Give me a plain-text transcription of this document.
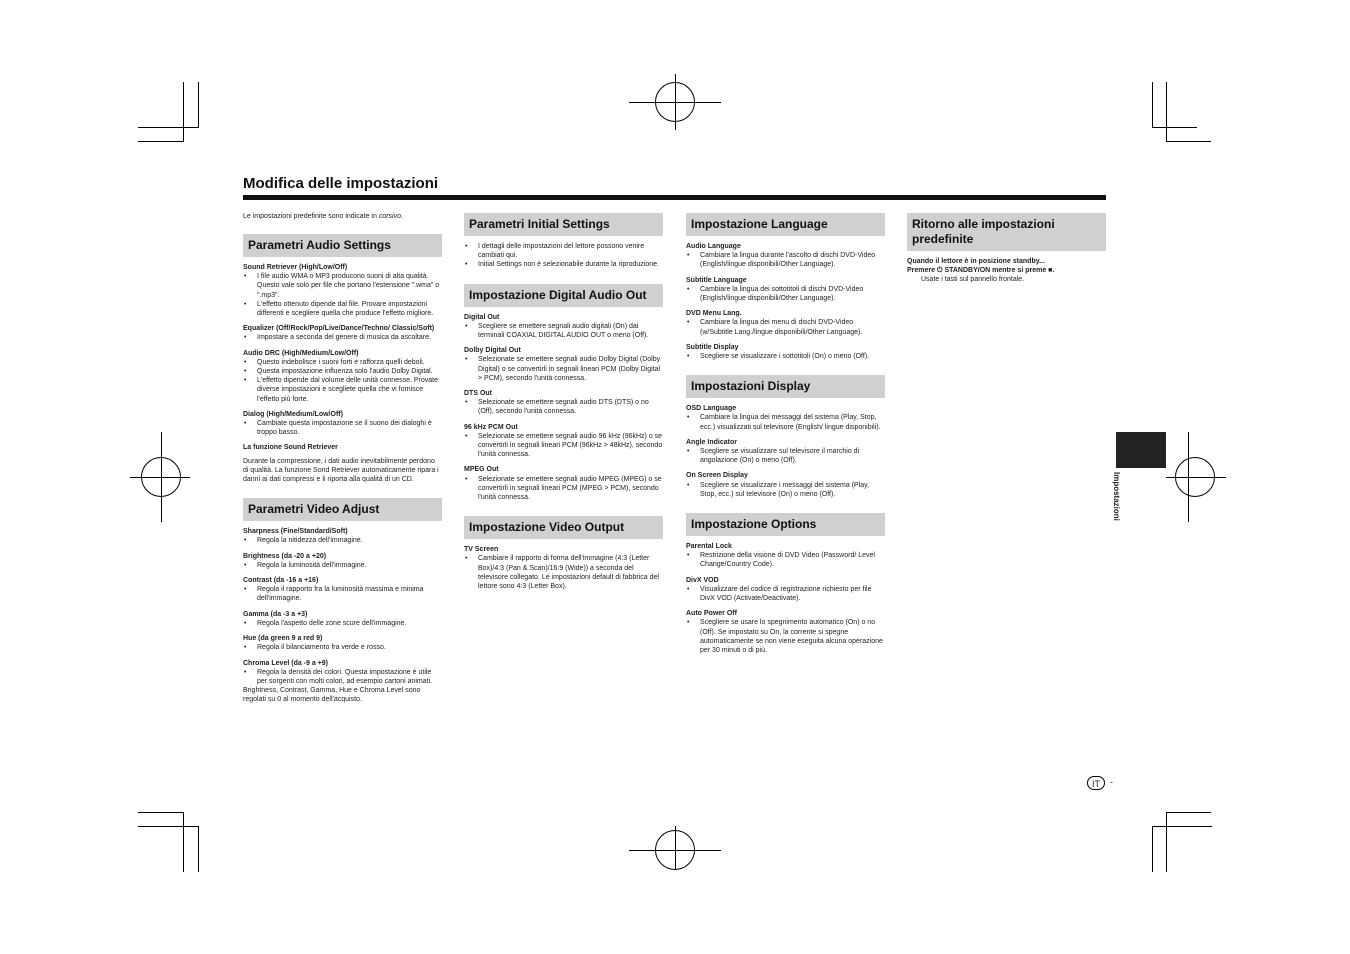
Modifica delle impostazioni
Le impostazioni predefinite sono indicate in corsivo.
Parametri Audio Settings
Sound Retriever (High/Low/Off)
• I file audio WMA o MP3 producono suoni di alta qualità. Questo vale solo per file che portano l'estensione ".wma" o ".mp3".
• L'effetto ottenuto dipende dal file. Provare impostazioni differenti e scegliere quella che produce l'effetto migliore.
Equalizer (Off/Rock/Pop/Live/Dance/Techno/ Classic/Soft)
• Impostare a seconda del genere di musica da ascoltare.
Audio DRC (High/Medium/Low/Off)
• Questo indebolisce i suoni forti e rafforza quelli deboli.
• Questa impostazione influenza solo l'audio Dolby Digital.
• L'effetto dipende dal volume delle unità connesse. Provate diverse impostazioni e scegliete quella che vi fornisce l'effetto più forte.
Dialog (High/Medium/Low/Off)
• Cambiate questa impostazione se il suono dei dialoghi è troppo basso.
La funzione Sound Retriever
Durante la compressione, i dati audio inevitabilmente perdono di qualità. La funzione Sond Retriever automaticamente ripara i danni ai dati compressi e li riporta alla qualità di un CD.
Parametri Video Adjust
Sharpness (Fine/Standard/Soft)
• Regola la nitidezza dell'immagine.
Brightness (da -20 a +20)
• Regola la luminosità dell'immagine.
Contrast (da -16 a +16)
• Regola il rapporto fra la luminosità massima e minima dell'immagine.
Gamma (da -3 a +3)
• Regola l'aspetto delle zone scure dell'immagine.
Hue (da green 9 a red 9)
• Regola il bilanciamento fra verde e rosso.
Chroma Level (da -9 a +9)
• Regola la densità dei colori. Questa impostazione è utile per sorgenti con molti colori, ad esempio cartoni animati.
Brightness, Contrast, Gamma, Hue e Chroma Level sono regolati su 0 al momento dell'acquisto.
Parametri Initial Settings
• I dettagli delle impostazioni del lettore possono venire cambiati qui.
• Initial Settings non è selezionabile durante la riproduzione.
Impostazione Digital Audio Out
Digital Out
• Scegliere se emettere segnali audio digitali (On) dai terminali COAXIAL DIGITAL AUDIO OUT o meno (Off).
Dolby Digital Out
• Selezionate se emettere segnali audio Dolby Digital (Dolby Digital) o se convertirli in segnali lineari PCM (Dolby Digital > PCM), secondo l'unità connessa.
DTS Out
• Selezionate se emettere segnali audio DTS (DTS) o no (Off), secondo l'unità connessa.
96 kHz PCM Out
• Selezionate se emettere segnali audio 96 kHz (96kHz) o se convertirli in segnali lineari PCM (96kHz > 48kHz), secondo l'unità connessa.
MPEG Out
• Selezionate se emettere segnali audio MPEG (MPEG) o se convertirli in segnali lineari PCM (MPEG > PCM), secondo l'unità connessa.
Impostazione Video Output
TV Screen
• Cambiare il rapporto di forma dell'immagine (4:3 (Letter Box)/4:3 (Pan & Scan)/16:9 (Wide)) a seconda del televisore collegato. Le impostazioni default di fabbrica del lettore sono 4:3 (Letter Box).
Impostazione Language
Audio Language
• Cambiare la lingua durante l'ascolto di dischi DVD-Video (English/lingue disponibili/Other Language).
Subtitle Language
• Cambiare la lingua dei sottotitoli di dischi DVD-Video (English/lingue disponibili/Other Language).
DVD Menu Lang.
• Cambiare la lingua dei menu di dischi DVD-Video (w/Subtitle Lang./lingue disponibili/Other Language).
Subtitle Display
• Scegliere se visualizzare i sottotitoli (On) o meno (Off).
Impostazioni Display
OSD Language
• Cambiare la lingua dei messaggi del sistema (Play, Stop, ecc.) visualizzati sul televisore (English/ lingue disponibili).
Angle Indicator
• Scegliere se visualizzare sul televisore il marchio di angolazione (On) o meno (Off).
On Screen Display
• Scegliere se visualizzare i messaggi del sistema (Play, Stop, ecc.) sul televisore (On) o meno (Off).
Impostazione Options
Parental Lock
• Restrizione della visione di DVD Video (Password/ Level Change/Country Code).
DivX VOD
• Visualizzare del codice di registrazione richiesto per file DivX VOD (Activate/Deactivate).
Auto Power Off
• Scegliere se usare lo spegnimento automatico (On) o no (Off). Se impostato su On, la corrente si spegne automaticamente se non viene eseguita alcuna operazione per 30 minuti o di più.
Ritorno alle impostazioni predefinite
Quando il lettore è in posizione standby...
Premere ⏻ STANDBY/ON mentre si preme ■.
Usate i tasti sul pannello frontale.
Impostazioni
IT	-
